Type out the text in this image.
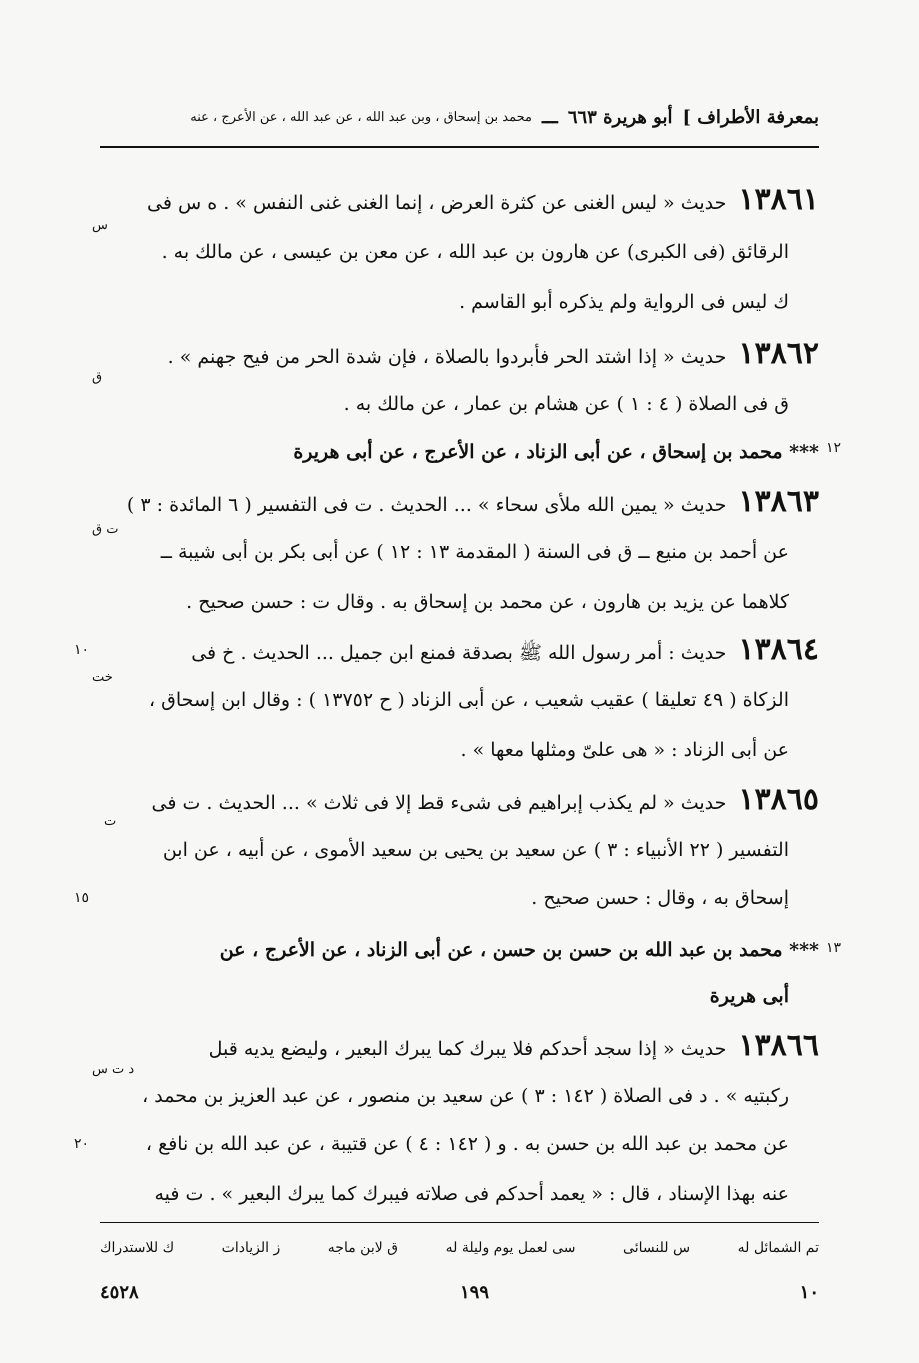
بمعرفة الأطراف ]
أبو هريرة ٦٦٣
ـــ
محمد بن إسحاق ، وبن عبد الله ، عن عبد الله ، عن الأعرج ، عنه
١٣٨٦١ حديث « ليس الغنى عن كثرة العرض ، إنما الغنى غنى النفس » . ه س فى
س
الرقائق (فى الكبرى) عن هارون بن عبد الله ، عن معن بن عيسى ، عن مالك به .
ك ليس فى الرواية ولم يذكره أبو القاسم .
١٣٨٦٢ حديث « إذا اشتد الحر فأبردوا بالصلاة ، فإن شدة الحر من فيح جهنم » .
ق
ق فى الصلاة ( ٤ : ١ ) عن هشام بن عمار ، عن مالك به .
١٢
*** محمد بن إسحاق ، عن أبى الزناد ، عن الأعرج ، عن أبى هريرة
١٣٨٦٣ حديث « يمين الله ملأى سحاء » ... الحديث . ت فى التفسير ( ٦ المائدة : ٣ )
ت ق
عن أحمد بن منيع ــ ق فى السنة ( المقدمة ١٣ : ١٢ ) عن أبى بكر بن أبى شيبة ــ
كلاهما عن يزيد بن هارون ، عن محمد بن إسحاق به . وقال ت : حسن صحيح .
١٠	١٣٨٦٤ حديث : أمر رسول الله ﷺ بصدقة فمنع ابن جميل ... الحديث . خ فى
خت
الزكاة ( ٤٩ تعليقا ) عقيب شعيب ، عن أبى الزناد ( ح ١٣٧٥٢ ) : وقال ابن إسحاق ،
عن أبى الزناد : « هى علىّ ومثلها معها » .
١٣٨٦٥ حديث « لم يكذب إبراهيم فى شىء قط إلا فى ثلاث » ... الحديث . ت فى
ت
التفسير ( ٢٢ الأنبياء : ٣ ) عن سعيد بن يحيى بن سعيد الأموى ، عن أبيه ، عن ابن
١٥	إسحاق به ، وقال : حسن صحيح .
١٣
*** محمد بن عبد الله بن حسن بن حسن ، عن أبى الزناد ، عن الأعرج ، عن
أبى هريرة
١٣٨٦٦ حديث « إذا سجد أحدكم فلا يبرك كما يبرك البعير ، وليضع يديه قبل
د ت س
ركبتيه » . د فى الصلاة ( ١٤٢ : ٣ ) عن سعيد بن منصور ، عن عبد العزيز بن محمد ،
٢٠	عن محمد بن عبد الله بن حسن به . و ( ١٤٢ : ٤ ) عن قتيبة ، عن عبد الله بن نافع ،
عنه بهذا الإسناد ، قال : « يعمد أحدكم فى صلاته فيبرك كما يبرك البعير » . ت فيه
تم الشمائل له
س للنسائى
سى لعمل يوم وليلة له
ق لابن ماجه
ز الزيادات
ك للاستدراك
١٠
١٩٩
٤٥٢٨
